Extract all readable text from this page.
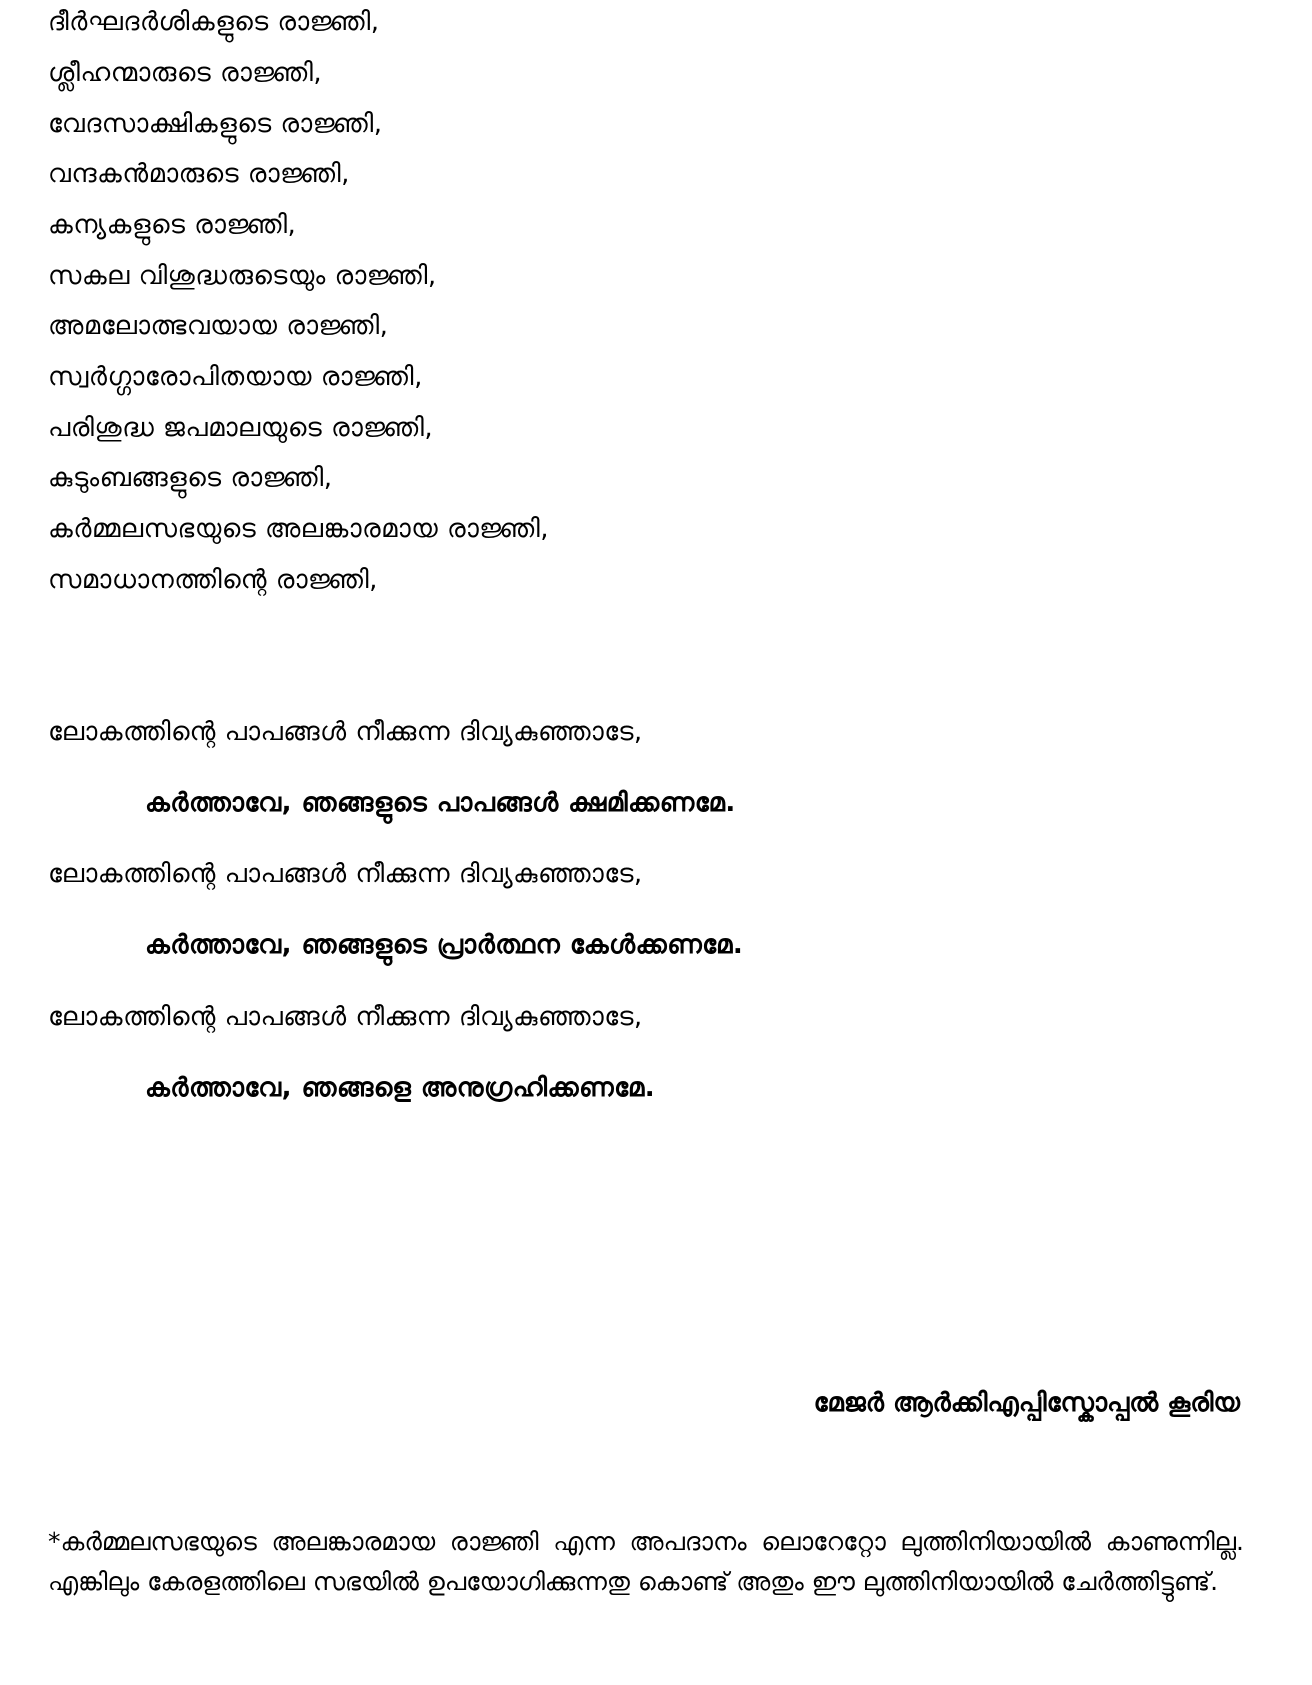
ദീർഘദർശികളുടെ രാജ്ഞി,
ശ്ലീഹന്മാരുടെ രാജ്ഞി,
വേദസാക്ഷികളുടെ രാജ്ഞി,
വന്ദകൻമാരുടെ രാജ്ഞി,
കന്യകളുടെ രാജ്ഞി,
സകല വിശുദ്ധരുടെയും രാജ്ഞി,
അമലോത്ഭവയായ രാജ്ഞി,
സ്വർഗ്ഗാരോപിതയായ രാജ്ഞി,
പരിശുദ്ധ ജപമാലയുടെ രാജ്ഞി,
കുടുംബങ്ങളുടെ രാജ്ഞി,
കർമ്മലസഭയുടെ അലങ്കാരമായ രാജ്ഞി,
സമാധാനത്തിന്റെ രാജ്ഞി,
ലോകത്തിന്റെ പാപങ്ങൾ നീക്കുന്ന ദിവ്യകുഞ്ഞാടേ,
കർത്താവേ, ഞങ്ങളുടെ പാപങ്ങൾ ക്ഷമിക്കണമേ.
ലോകത്തിന്റെ പാപങ്ങൾ നീക്കുന്ന ദിവ്യകുഞ്ഞാടേ,
കർത്താവേ, ഞങ്ങളുടെ പ്രാർത്ഥന കേൾക്കണമേ.
ലോകത്തിന്റെ പാപങ്ങൾ നീക്കുന്ന ദിവ്യകുഞ്ഞാടേ,
കർത്താവേ, ഞങ്ങളെ അനുഗ്രഹിക്കണമേ.
മേജർ ആർക്കിഎപ്പിസ്കോപ്പൽ കൂരിയ
*കർമ്മലസഭയുടെ അലങ്കാരമായ രാജ്ഞി എന്ന അപദാനം ലൊറേറ്റോ ലുത്തിനിയായിൽ കാണുന്നില്ല. എങ്കിലും കേരളത്തിലെ സഭയിൽ ഉപയോഗിക്കുന്നതു കൊണ്ട് അതും ഈ ലുത്തിനിയായിൽ ചേർത്തിട്ടുണ്ട്.
